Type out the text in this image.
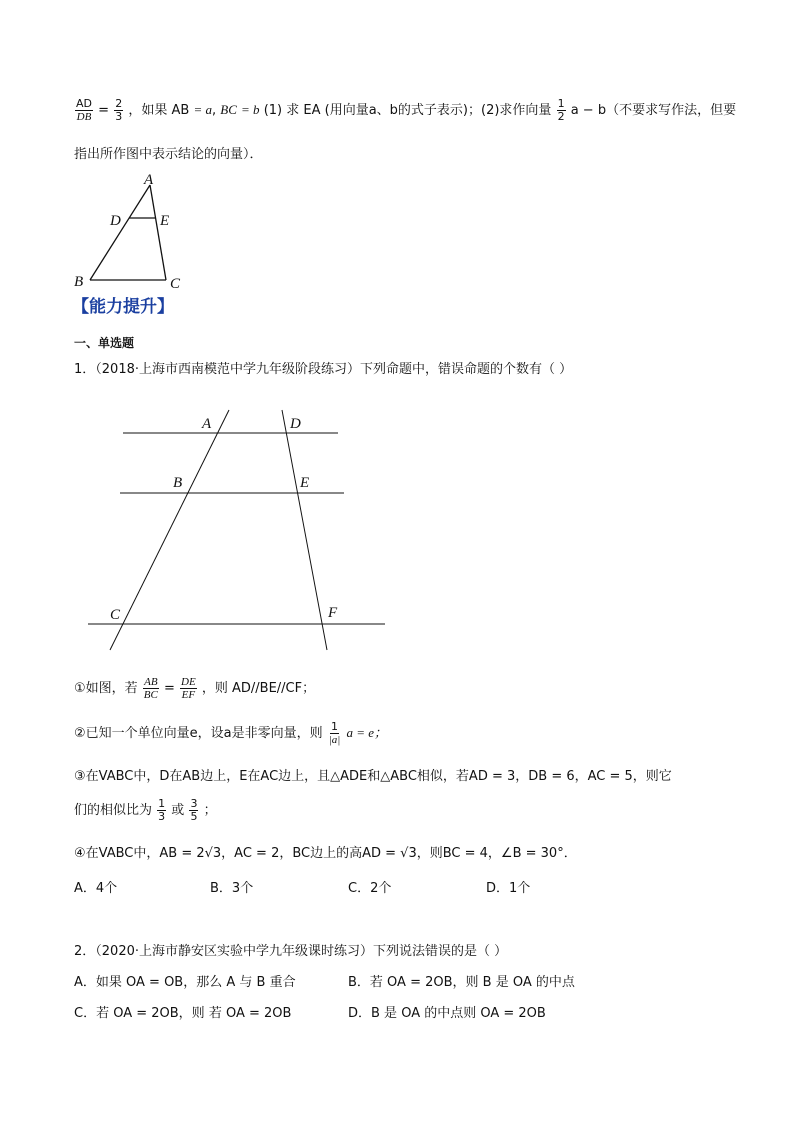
$\frac{AD}{DB} = \frac{2}{3}$ ，如果 AB = a, BC = b (1) 求 EA (用向量a、b的式子表示)；(2)求作向量 $\frac{1}{2}$ a − b（不要求写作法，但要
指出所作图中表示结论的向量）．
A
D	E
B	C
【能力提升】
一、单选题
1．（2018·上海市西南模范中学九年级阶段练习）下列命题中，错误命题的个数有（ ）
A	D
B	E
C	F
①如图，若 $\frac{AB}{BC} = \frac{DE}{EF}$ ，则 AD//BE//CF；
②已知一个单位向量e，设a是非零向量，则 $\frac{1}{|a|}$ a = e；
③在VABC中，D在AB边上，E在AC边上，且△ADE和△ABC相似，若AD = 3，DB = 6，AC = 5，则它
们的相似比为 $\frac{1}{3}$ 或 $\frac{3}{5}$ ；
④在VABC中，AB = 2√3，AC = 2，BC边上的高AD = √3，则BC = 4，∠B = 30°．
A．4个	B．3个	C．2个	D．1个
2．（2020·上海市静安区实验中学九年级课时练习）下列说法错误的是（ ）
A．如果 OA = OB，那么 A 与 B 重合	B．若 OA = 2OB，则 B 是 OA 的中点
C．若 OA = 2OB，则 若 OA = 2OB	D．B 是 OA 的中点则 OA = 2OB
